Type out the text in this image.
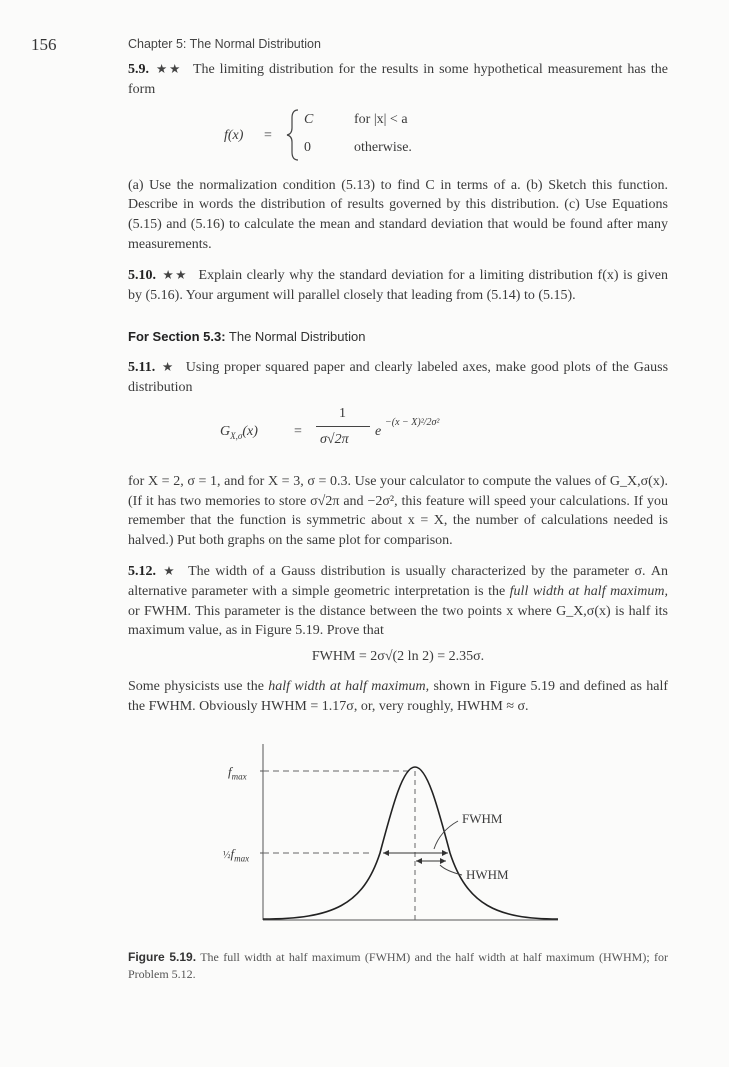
156	Chapter 5: The Normal Distribution

5.9. ★★ The limiting distribution for the results in some hypothetical measurement has the form

f(x) =
C	for |x| < a
0	otherwise.

(a) Use the normalization condition (5.13) to find C in terms of a. (b) Sketch this function. Describe in words the distribution of results governed by this distribution. (c) Use Equations (5.15) and (5.16) to calculate the mean and standard deviation that would be found after many measurements.

5.10. ★★ Explain clearly why the standard deviation for a limiting distribution f(x) is given by (5.16). Your argument will parallel closely that leading from (5.14) to (5.15).

For Section 5.3: The Normal Distribution

5.11. ★ Using proper squared paper and clearly labeled axes, make good plots of the Gauss distribution

$G_{X,\sigma}(x)$	=
1
σ√2π
e
−(x − X)²/2σ²

for X = 2, σ = 1, and for X = 3, σ = 0.3. Use your calculator to compute the values of G_X,σ(x). (If it has two memories to store σ√2π and −2σ², this feature will speed your calculations. If you remember that the function is symmetric about x = X, the number of calculations needed is halved.) Put both graphs on the same plot for comparison.

5.12. ★ The width of a Gauss distribution is usually characterized by the parameter σ. An alternative parameter with a simple geometric interpretation is the full width at half maximum, or FWHM. This parameter is the distance between the two points x where G_X,σ(x) is half its maximum value, as in Figure 5.19. Prove that

FWHM = 2σ√(2 ln 2) = 2.35σ.

Some physicists use the half width at half maximum, shown in Figure 5.19 and defined as half the FWHM. Obviously HWHM = 1.17σ, or, very roughly, HWHM ≈ σ.

$f_{max}$
$\frac{1}{2}f_{max}$
FWHM
HWHM

Figure 5.19. The full width at half maximum (FWHM) and the half width at half maximum (HWHM); for Problem 5.12.
